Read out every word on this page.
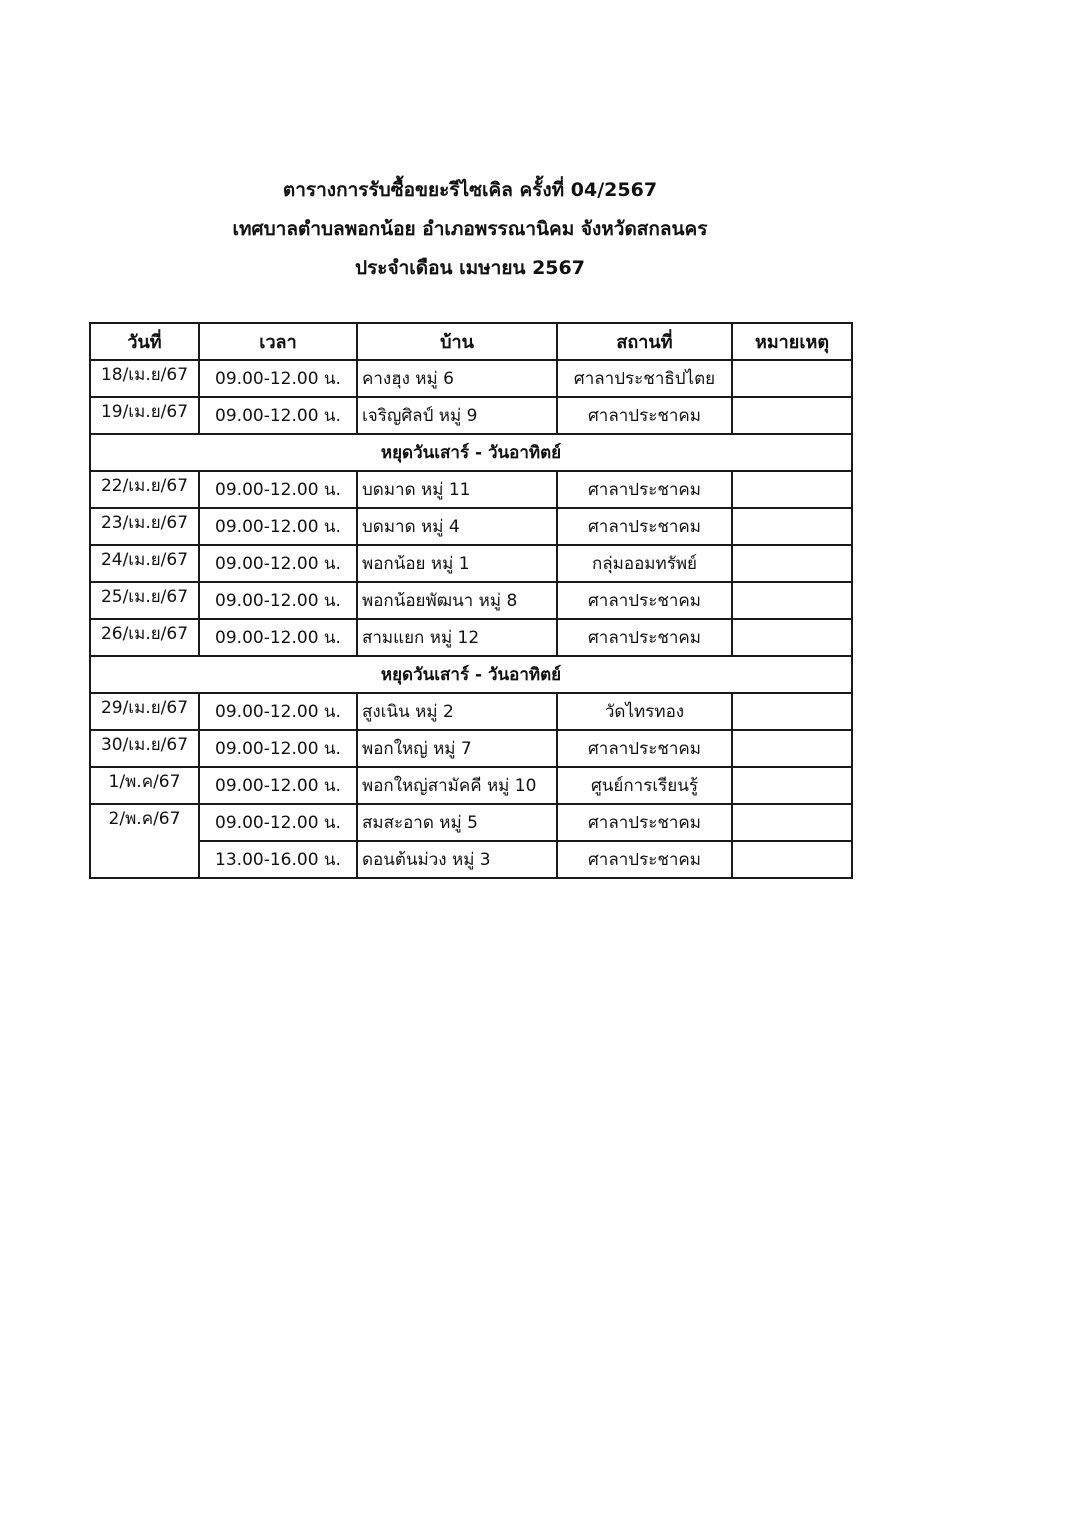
ตารางการรับซื้อขยะรีไซเคิล ครั้งที่ 04/2567
เทศบาลตำบลพอกน้อย อำเภอพรรณานิคม จังหวัดสกลนคร
ประจำเดือน เมษายน 2567
วันที่	เวลา	บ้าน	สถานที่	หมายเหตุ
18/เม.ย/67	09.00-12.00 น.	คางฮุง หมู่ 6	ศาลาประชาธิปไตย	
19/เม.ย/67	09.00-12.00 น.	เจริญศิลป์ หมู่ 9	ศาลาประชาคม	
หยุดวันเสาร์ - วันอาทิตย์				
22/เม.ย/67	09.00-12.00 น.	บดมาด หมู่ 11	ศาลาประชาคม	
23/เม.ย/67	09.00-12.00 น.	บดมาด หมู่ 4	ศาลาประชาคม	
24/เม.ย/67	09.00-12.00 น.	พอกน้อย หมู่ 1	กลุ่มออมทรัพย์	
25/เม.ย/67	09.00-12.00 น.	พอกน้อยพัฒนา หมู่ 8	ศาลาประชาคม	
26/เม.ย/67	09.00-12.00 น.	สามแยก หมู่ 12	ศาลาประชาคม	
หยุดวันเสาร์ - วันอาทิตย์				
29/เม.ย/67	09.00-12.00 น.	สูงเนิน หมู่ 2	วัดไทรทอง	
30/เม.ย/67	09.00-12.00 น.	พอกใหญ่ หมู่ 7	ศาลาประชาคม	
1/พ.ค/67	09.00-12.00 น.	พอกใหญ่สามัคคี หมู่ 10	ศูนย์การเรียนรู้	
2/พ.ค/67	09.00-12.00 น.	สมสะอาด หมู่ 5	ศาลาประชาคม	
	13.00-16.00 น.	ดอนต้นม่วง หมู่ 3	ศาลาประชาคม	
